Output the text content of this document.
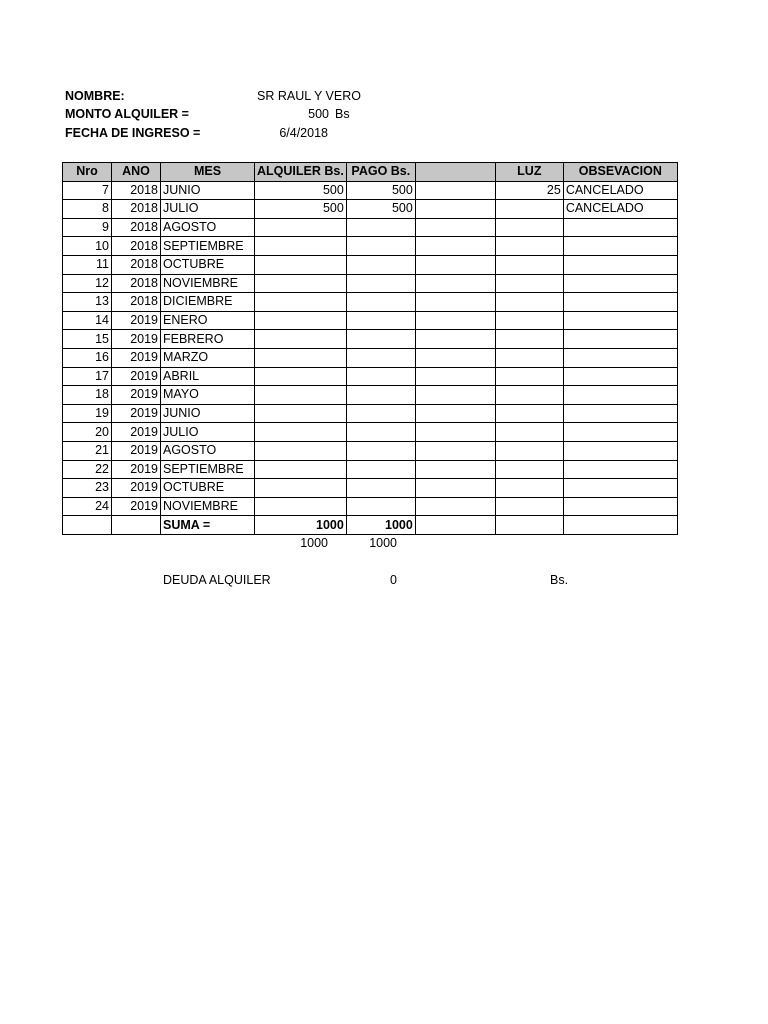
NOMBRE:	SR RAUL Y VERO
MONTO ALQUILER =	500 Bs
FECHA DE INGRESO =	6/4/2018
Nro	ANO	MES	ALQUILER Bs.	PAGO Bs.		LUZ	OBSEVACION
7	2018	JUNIO	500	500		25	CANCELADO
8	2018	JULIO	500	500			CANCELADO
9	2018	AGOSTO					
10	2018	SEPTIEMBRE					
11	2018	OCTUBRE					
12	2018	NOVIEMBRE					
13	2018	DICIEMBRE					
14	2019	ENERO					
15	2019	FEBRERO					
16	2019	MARZO					
17	2019	ABRIL					
18	2019	MAYO					
19	2019	JUNIO					
20	2019	JULIO					
21	2019	AGOSTO					
22	2019	SEPTIEMBRE					
23	2019	OCTUBRE					
24	2019	NOVIEMBRE					
		SUMA =	1000	1000			
1000	1000
DEUDA ALQUILER	0	Bs.
